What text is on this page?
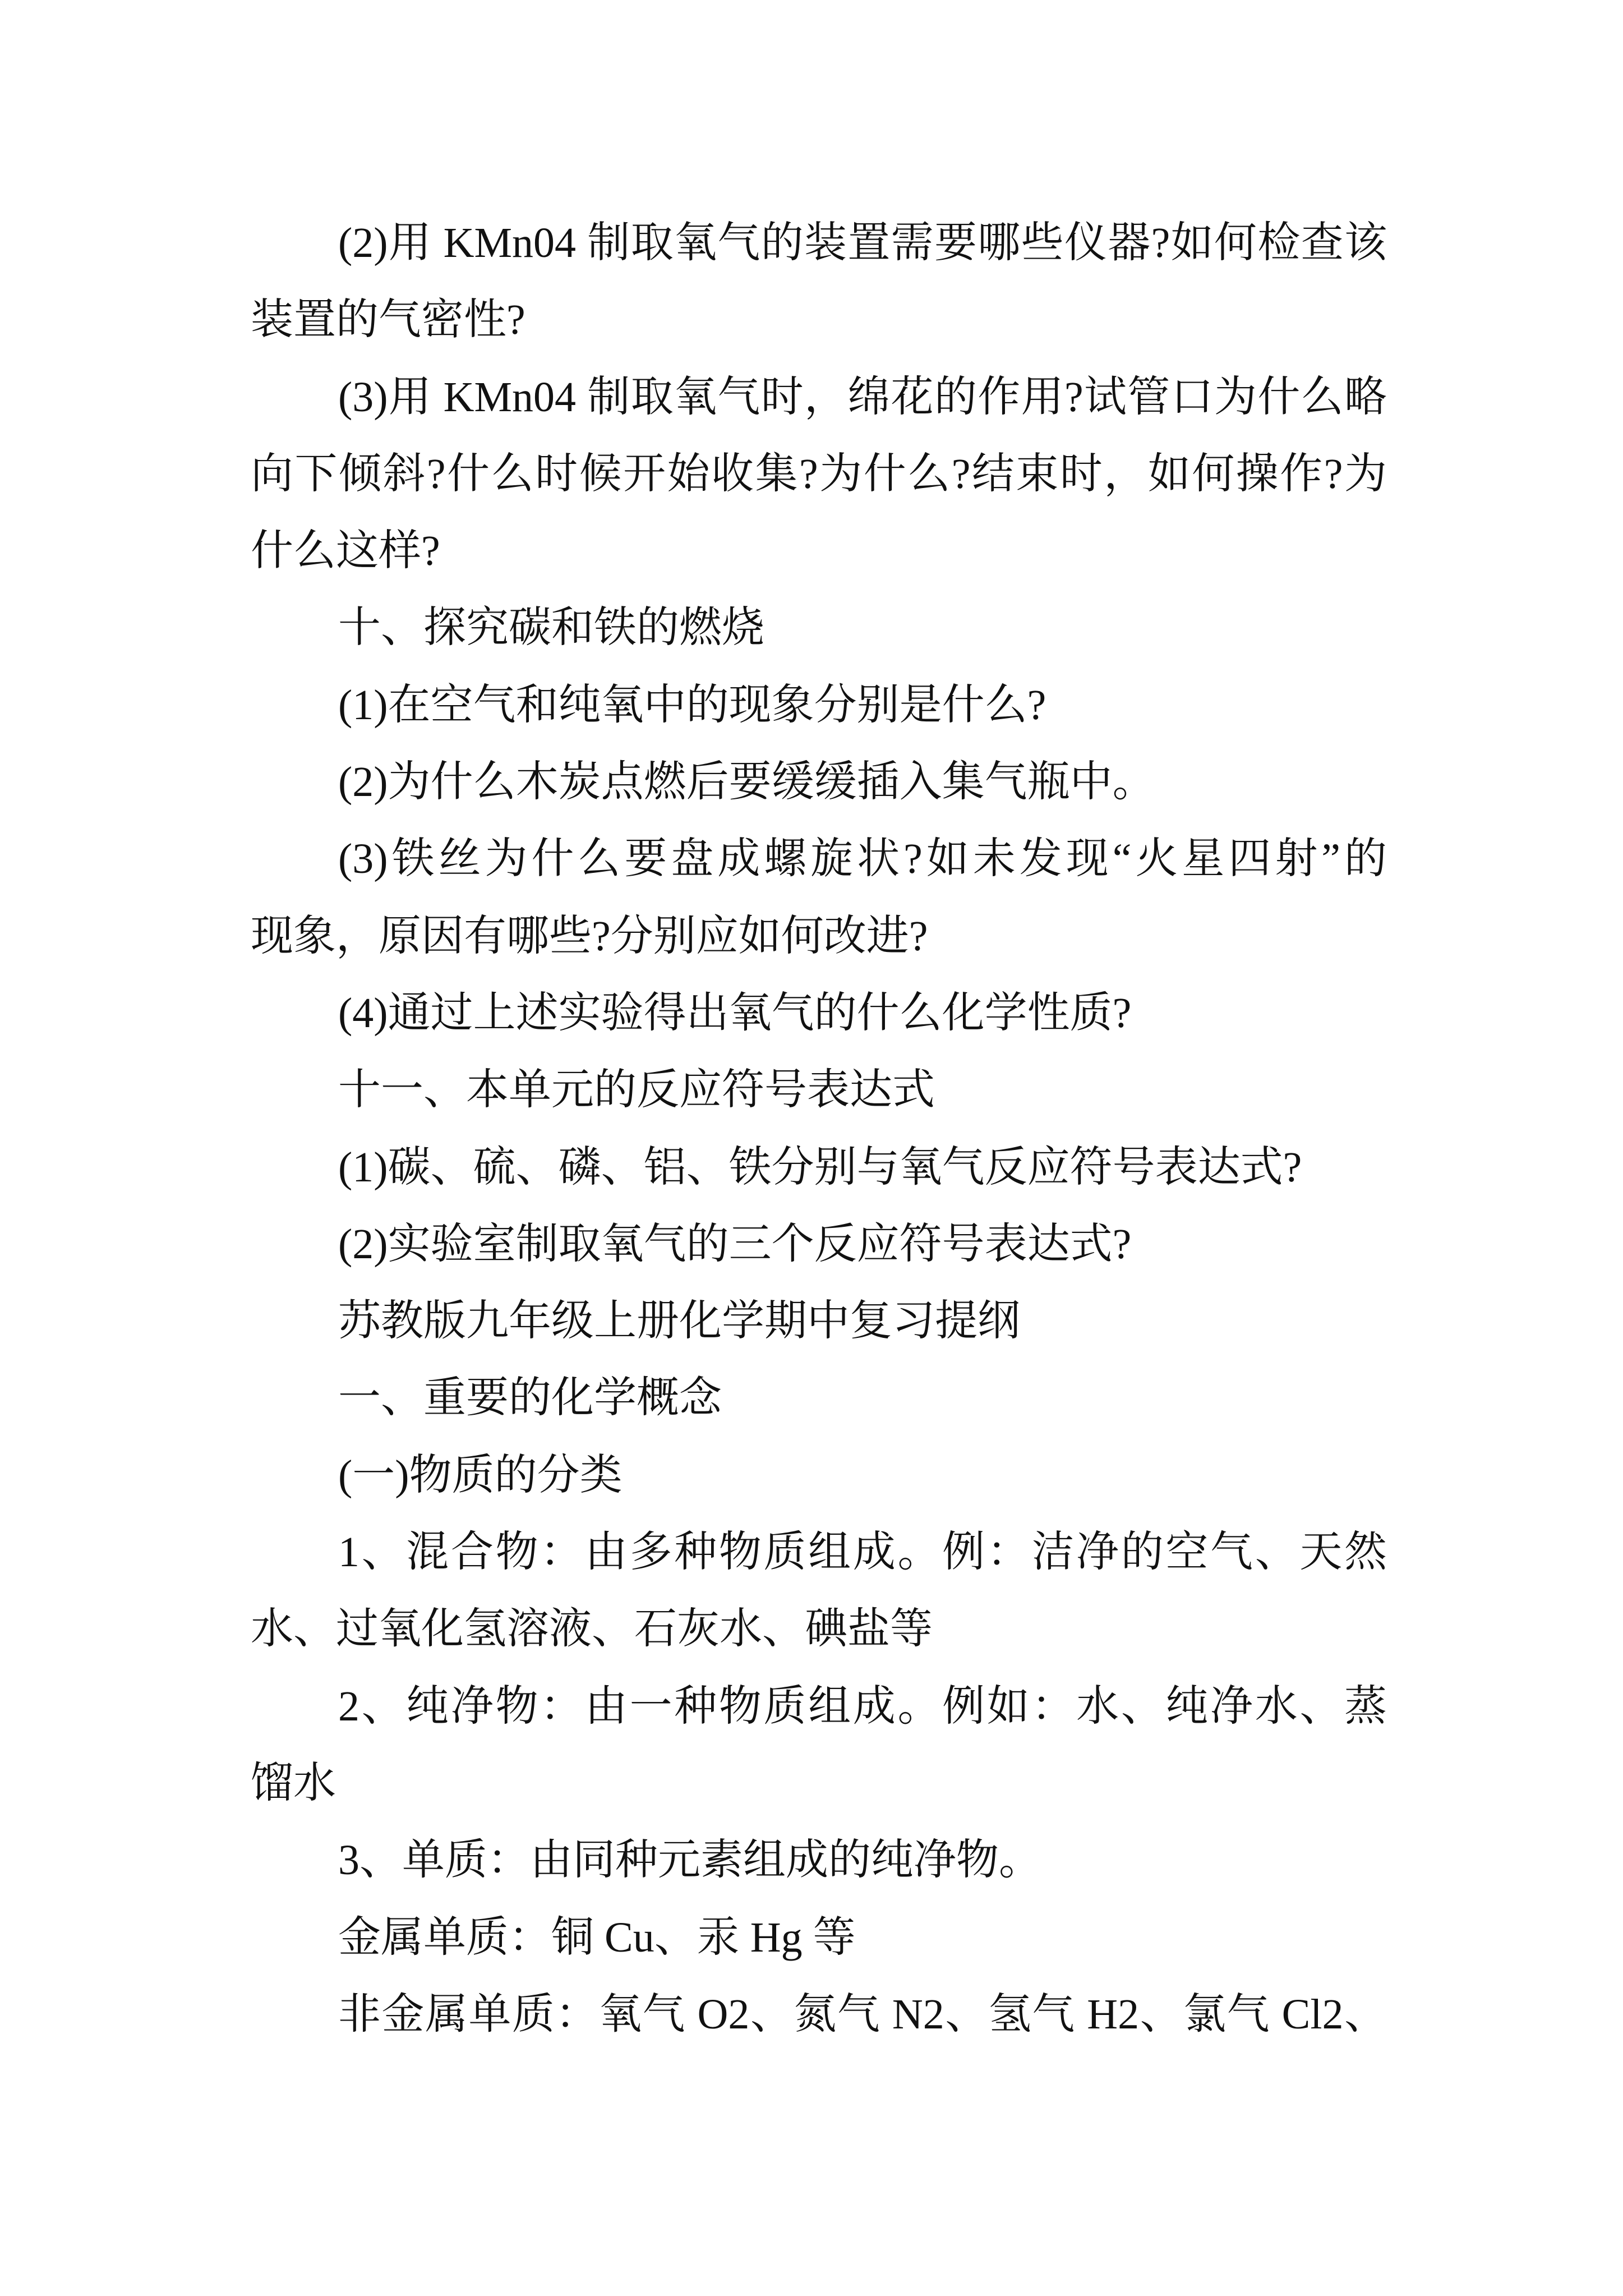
(2)用 KMn04 制取氧气的装置需要哪些仪器?如何检查该
装置的气密性?
(3)用 KMn04 制取氧气时，绵花的作用?试管口为什么略
向下倾斜?什么时候开始收集?为什么?结束时，如何操作?为
什么这样?
十、探究碳和铁的燃烧
(1)在空气和纯氧中的现象分别是什么?
(2)为什么木炭点燃后要缓缓插入集气瓶中。
(3)铁丝为什么要盘成螺旋状?如未发现“火星四射”的
现象，原因有哪些?分别应如何改进?
(4)通过上述实验得出氧气的什么化学性质?
十一、本单元的反应符号表达式
(1)碳、硫、磷、铝、铁分别与氧气反应符号表达式?
(2)实验室制取氧气的三个反应符号表达式?
苏教版九年级上册化学期中复习提纲
一、重要的化学概念
(一)物质的分类
1、混合物：由多种物质组成。例：洁净的空气、天然
水、过氧化氢溶液、石灰水、碘盐等
2、纯净物：由一种物质组成。例如：水、纯净水、蒸
馏水
3、单质：由同种元素组成的纯净物。
金属单质：铜 Cu、汞 Hg 等
非金属单质：氧气 O2、氮气 N2、氢气 H2、氯气 Cl2、
